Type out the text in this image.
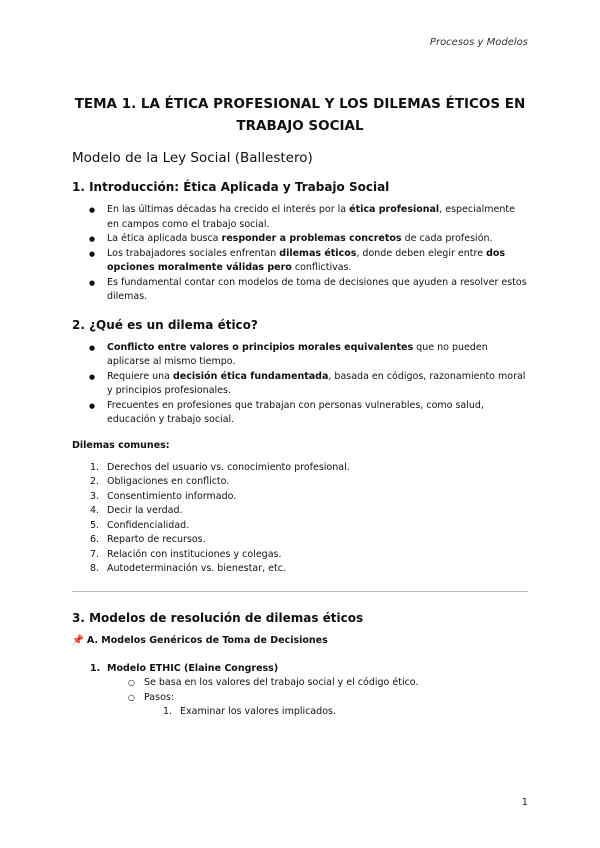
Procesos y Modelos
TEMA 1. LA ÉTICA PROFESIONAL Y LOS DILEMAS ÉTICOS EN TRABAJO SOCIAL
Modelo de la Ley Social (Ballestero)
1. Introducción: Ética Aplicada y Trabajo Social
● En las últimas décadas ha crecido el interés por la ética profesional, especialmente en campos como el trabajo social.
● La ética aplicada busca responder a problemas concretos de cada profesión.
● Los trabajadores sociales enfrentan dilemas éticos, donde deben elegir entre dos opciones moralmente válidas pero conflictivas.
● Es fundamental contar con modelos de toma de decisiones que ayuden a resolver estos dilemas.
2. ¿Qué es un dilema ético?
● Conflicto entre valores o principios morales equivalentes que no pueden aplicarse al mismo tiempo.
● Requiere una decisión ética fundamentada, basada en códigos, razonamiento moral y principios profesionales.
● Frecuentes en profesiones que trabajan con personas vulnerables, como salud, educación y trabajo social.
Dilemas comunes:
1. Derechos del usuario vs. conocimiento profesional.
2. Obligaciones en conflicto.
3. Consentimiento informado.
4. Decir la verdad.
5. Confidencialidad.
6. Reparto de recursos.
7. Relación con instituciones y colegas.
8. Autodeterminación vs. bienestar, etc.
3. Modelos de resolución de dilemas éticos
📌 A. Modelos Genéricos de Toma de Decisiones
1. Modelo ETHIC (Elaine Congress)
○ Se basa en los valores del trabajo social y el código ético.
○ Pasos:
1. Examinar los valores implicados.
1
